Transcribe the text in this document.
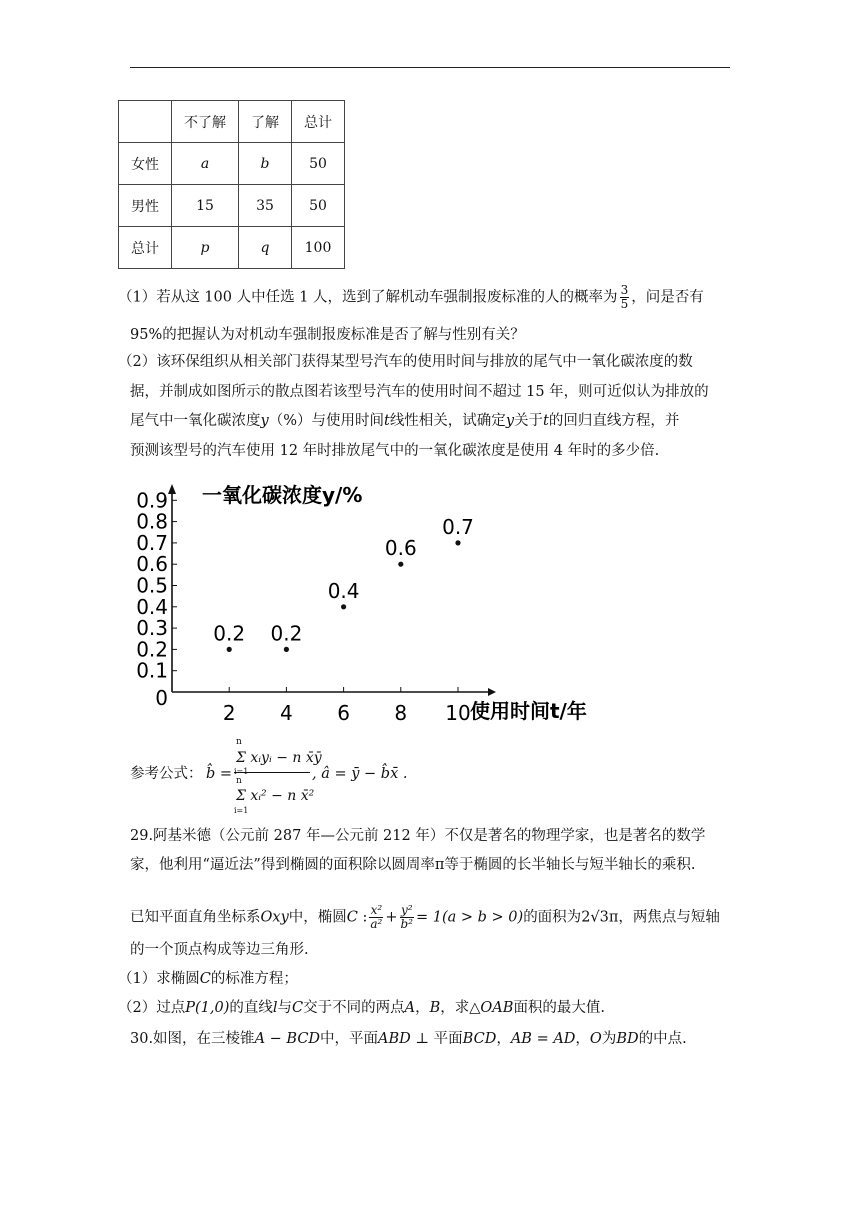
	不了解	了解	总计
女性	a	b	50
男性	15	35	50
总计	p	q	100
（1）若从这 100 人中任选 1 人，选到了解机动车强制报废标准的人的概率为 $\frac{3}{5}$ ，问是否有
95%的把握认为对机动车强制报废标准是否了解与性别有关？
（2）该环保组织从相关部门获得某型号汽车的使用时间与排放的尾气中一氧化碳浓度的数
据，并制成如图所示的散点图若该型号汽车的使用时间不超过 15 年，则可近似认为排放的
尾气中一氧化碳浓度y（%）与使用时间t线性相关，试确定y关于t的回归直线方程，并
预测该型号的汽车使用 12 年时排放尾气中的一氧化碳浓度是使用 4 年时的多少倍.
0
0.1
0.2
0.3
0.4
0.5
0.6
0.7
0.8
0.9
2 4 6 8 10
0.2 0.2
0.4
0.6
0.7
一氧化碳浓度y/%
使用时间t/年
参考公式： b̂ =
n
Σ xᵢyᵢ − n x̄ȳ
i=1
n
Σ xᵢ² − n x̄²
i=1
, â = ȳ − b̂x̄ .
29.阿基米德（公元前 287 年—公元前 212 年）不仅是著名的物理学家，也是著名的数学
家，他利用“逼近法”得到椭圆的面积除以圆周率π等于椭圆的长半轴长与短半轴长的乘积.
已知平面直角坐标系Oxy中，椭圆C : $\frac{\text{x²}}{\text{a²}} + \frac{\text{y²}}{\text{b²}} = 1(a > b > 0)$的面积为2√3π，两焦点与短轴
的一个顶点构成等边三角形.
（1）求椭圆C的标准方程；
（2）过点P(1,0)的直线l与C交于不同的两点A，B，求△OAB面积的最大值.
30.如图，在三棱锥A − BCD中，平面ABD ⊥ 平面BCD，AB = AD，O为BD的中点.
